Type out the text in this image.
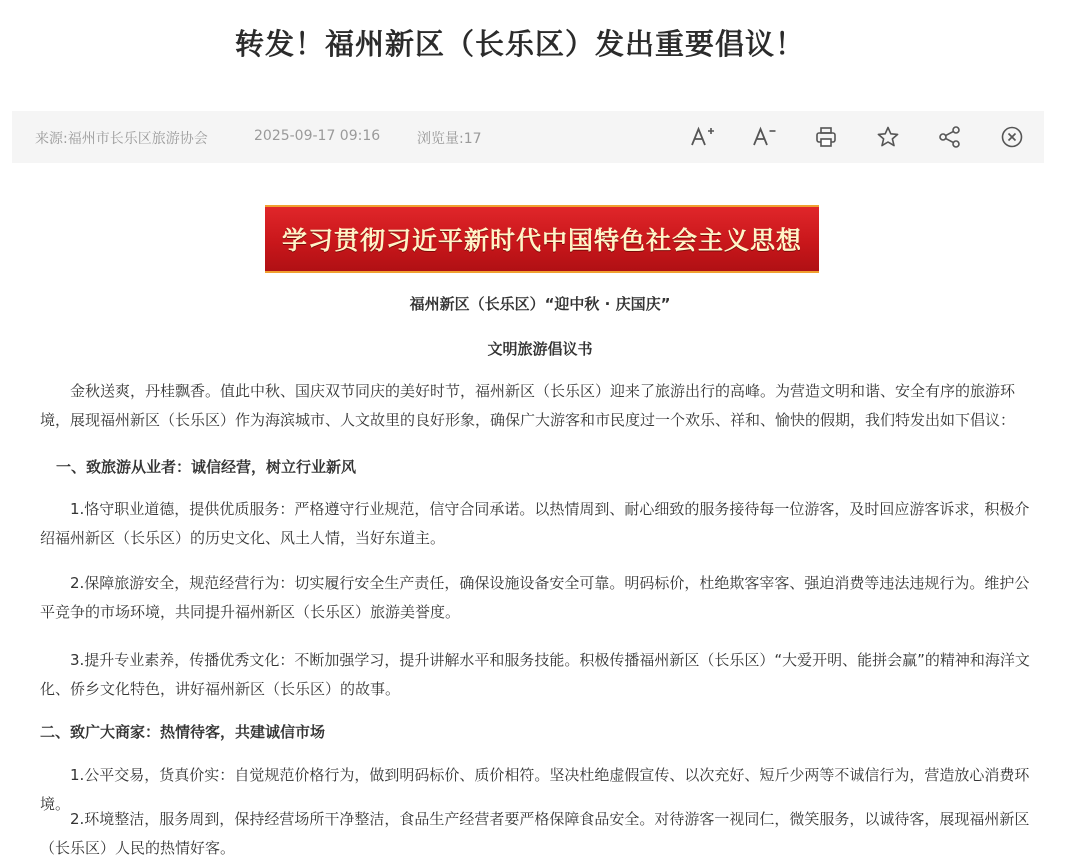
转发！福州新区（长乐区）发出重要倡议！
来源:福州市长乐区旅游协会	2025-09-17 09:16	浏览量:17
学习贯彻习近平新时代中国特色社会主义思想
福州新区（长乐区）“迎中秋 · 庆国庆”
文明旅游倡议书

金秋送爽，丹桂飘香。值此中秋、国庆双节同庆的美好时节，福州新区（长乐区）迎来了旅游出行的高峰。为营造文明和谐、安全有序的旅游环境，展现福州新区（长乐区）作为海滨城市、人文故里的良好形象，确保广大游客和市民度过一个欢乐、祥和、愉快的假期，我们特发出如下倡议：

一、致旅游从业者：诚信经营，树立行业新风

1.恪守职业道德，提供优质服务：严格遵守行业规范，信守合同承诺。以热情周到、耐心细致的服务接待每一位游客，及时回应游客诉求，积极介绍福州新区（长乐区）的历史文化、风土人情，当好东道主。

2.保障旅游安全，规范经营行为：切实履行安全生产责任，确保设施设备安全可靠。明码标价，杜绝欺客宰客、强迫消费等违法违规行为。维护公平竞争的市场环境，共同提升福州新区（长乐区）旅游美誉度。

3.提升专业素养，传播优秀文化：不断加强学习，提升讲解水平和服务技能。积极传播福州新区（长乐区）“大爱开明、能拼会赢”的精神和海洋文化、侨乡文化特色，讲好福州新区（长乐区）的故事。

二、致广大商家：热情待客，共建诚信市场

1.公平交易，货真价实：自觉规范价格行为，做到明码标价、质价相符。坚决杜绝虚假宣传、以次充好、短斤少两等不诚信行为，营造放心消费环境。

2.环境整洁，服务周到，保持经营场所干净整洁，食品生产经营者要严格保障食品安全。对待游客一视同仁，微笑服务，以诚待客，展现福州新区（长乐区）人民的热情好客。
